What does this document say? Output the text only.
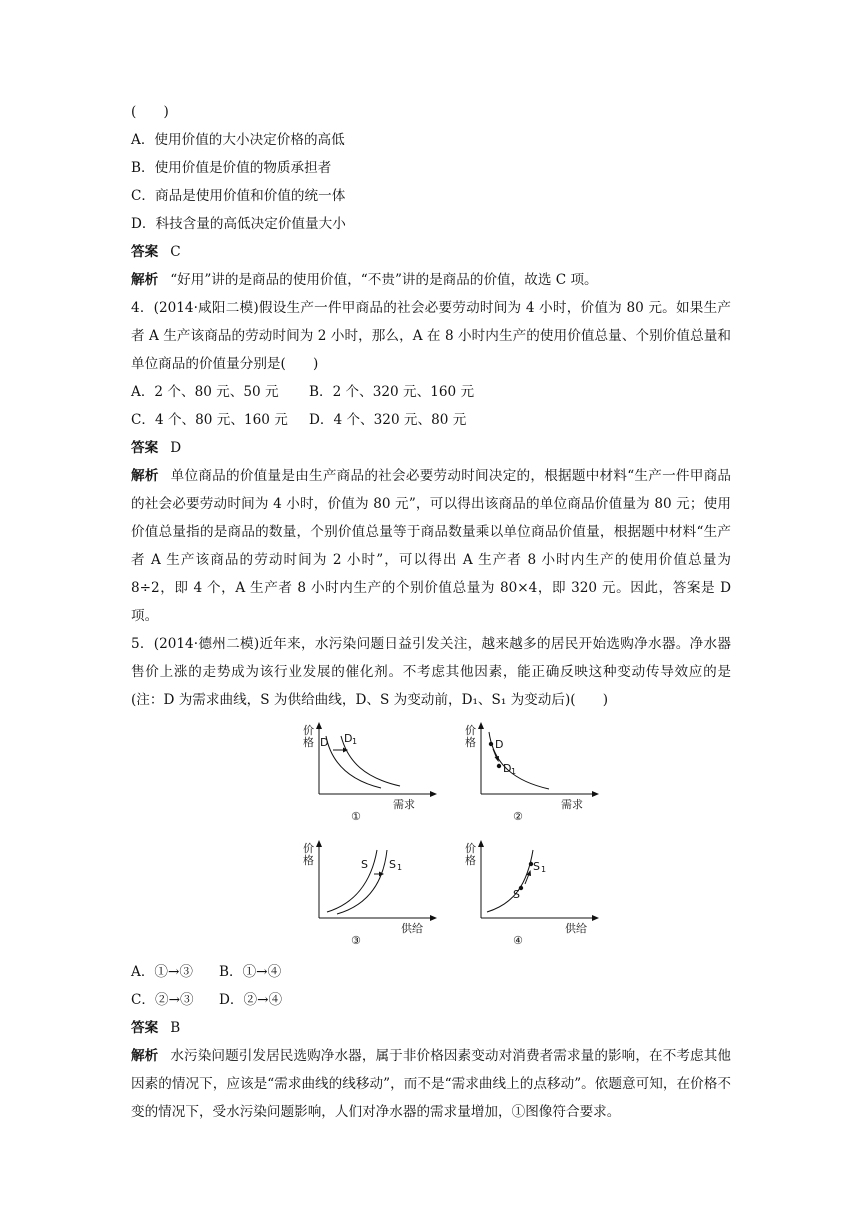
(　　)
A．使用价值的大小决定价格的高低
B．使用价值是价值的物质承担者
C．商品是使用价值和价值的统一体
D．科技含量的高低决定价值量大小
答案 C
解析 “好用”讲的是商品的使用价值，“不贵”讲的是商品的价值，故选 C 项。
4．(2014·咸阳二模)假设生产一件甲商品的社会必要劳动时间为 4 小时，价值为 80 元。如果生产者 A 生产该商品的劳动时间为 2 小时，那么，A 在 8 小时内生产的使用价值总量、个别价值总量和单位商品的价值量分别是(　　)
A．2 个、80 元、50 元 B．2 个、320 元、160 元
C．4 个、80 元、160 元 D．4 个、320 元、80 元
答案 D
解析 单位商品的价值量是由生产商品的社会必要劳动时间决定的，根据题中材料“生产一件甲商品的社会必要劳动时间为 4 小时，价值为 80 元”，可以得出该商品的单位商品价值量为 80 元；使用价值总量指的是商品的数量，个别价值总量等于商品数量乘以单位商品价值量，根据题中材料“生产者 A 生产该商品的劳动时间为 2 小时”，可以得出 A 生产者 8 小时内生产的使用价值总量为 8÷2，即 4 个，A 生产者 8 小时内生产的个别价值总量为 80×4，即 320 元。因此，答案是 D 项。
5．(2014·德州二模)近年来，水污染问题日益引发关注，越来越多的居民开始选购净水器。净水器售价上涨的走势成为该行业发展的催化剂。不考虑其他因素，能正确反映这种变动传导效应的是(注：D 为需求曲线，S 为供给曲线，D、S 为变动前，D₁、S₁ 为变动后)(　　)
价
格 D D 1
需求
①
价
格 D
D 1
需求
②
价
格	S S 1
供给
③
价
格
S
S 1
供给
④
A．①→③ B．①→④
C．②→③ D．②→④
答案 B
解析 水污染问题引发居民选购净水器，属于非价格因素变动对消费者需求量的影响，在不考虑其他因素的情况下，应该是“需求曲线的线移动”，而不是“需求曲线上的点移动”。依题意可知，在价格不变的情况下，受水污染问题影响，人们对净水器的需求量增加，①图像符合要求。
